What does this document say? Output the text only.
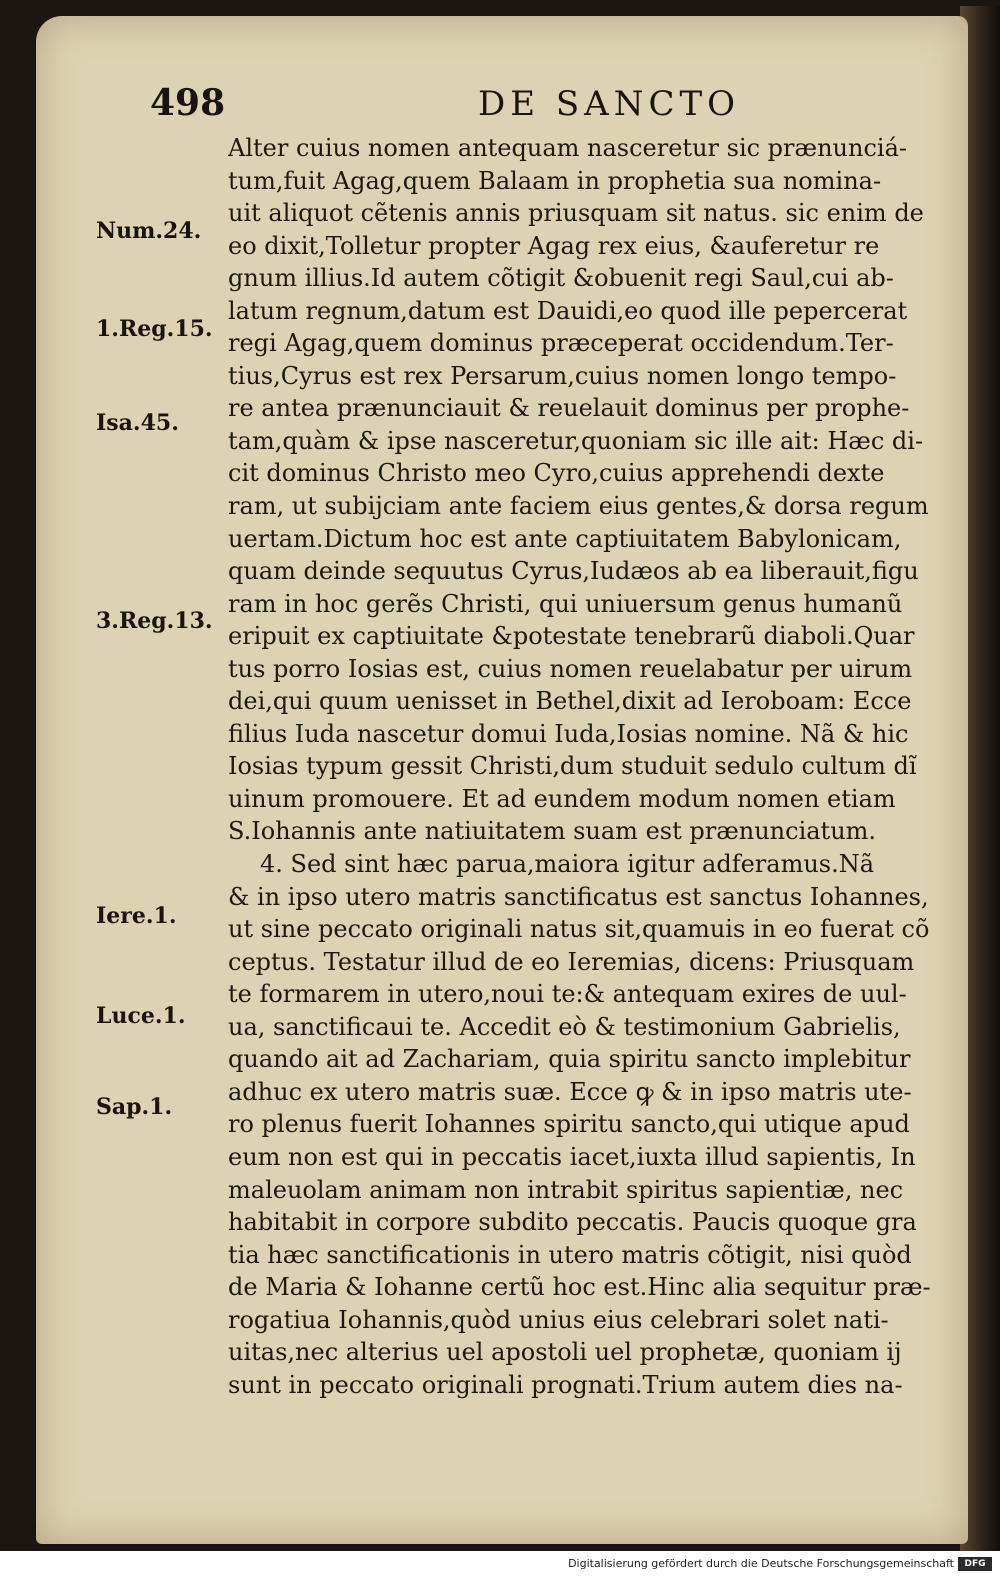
498	DE SANCTO
Num.24.
1.Reg.15.
Isa.45.
3.Reg.13.
Iere.1.
Luce.1.
Sap.1.
Alter cuius nomen antequam nasceretur sic prænunciá-
tum,fuit Agag,quem Balaam in prophetia sua nomina-
uit aliquot cẽtenis annis priusquam sit natus. sic enim de
eo dixit,Tolletur propter Agag rex eius, &auferetur re
gnum illius.Id autem cõtigit &obuenit regi Saul,cui ab-
latum regnum,datum est Dauidi,eo quod ille pepercerat
regi Agag,quem dominus præceperat occidendum.Ter-
tius,Cyrus est rex Persarum,cuius nomen longo tempo-
re antea prænunciauit & reuelauit dominus per prophe-
tam,quàm & ipse nasceretur,quoniam sic ille ait: Hæc di-
cit dominus Christo meo Cyro,cuius apprehendi dexte
ram, ut subijciam ante faciem eius gentes,& dorsa regum
uertam.Dictum hoc est ante captiuitatem Babylonicam,
quam deinde sequutus Cyrus,Iudæos ab ea liberauit,figu
ram in hoc gerẽs Christi, qui uniuersum genus humanũ
eripuit ex captiuitate &potestate tenebrarũ diaboli.Quar
tus porro Iosias est, cuius nomen reuelabatur per uirum
dei,qui quum uenisset in Bethel,dixit ad Ieroboam: Ecce
filius Iuda nascetur domui Iuda,Iosias nomine. Nã & hic
Iosias typum gessit Christi,dum studuit sedulo cultum dĩ
uinum promouere. Et ad eundem modum nomen etiam
S.Iohannis ante natiuitatem suam est prænunciatum.
4. Sed sint hæc parua,maiora igitur adferamus.Nã
& in ipso utero matris sanctificatus est sanctus Iohannes,
ut sine peccato originali natus sit,quamuis in eo fuerat cõ
ceptus. Testatur illud de eo Ieremias, dicens: Priusquam
te formarem in utero,noui te:& antequam exires de uul-
ua, sanctificaui te. Accedit eò & testimonium Gabrielis,
quando ait ad Zachariam, quia spiritu sancto implebitur
adhuc ex utero matris suæ. Ecce ꝙ & in ipso matris ute-
ro plenus fuerit Iohannes spiritu sancto,qui utique apud
eum non est qui in peccatis iacet,iuxta illud sapientis, In
maleuolam animam non intrabit spiritus sapientiæ, nec
habitabit in corpore subdito peccatis. Paucis quoque gra
tia hæc sanctificationis in utero matris cõtigit, nisi quòd
de Maria & Iohanne certũ hoc est.Hinc alia sequitur præ-
rogatiua Iohannis,quòd unius eius celebrari solet nati-
uitas,nec alterius uel apostoli uel prophetæ, quoniam ij
sunt in peccato originali prognati.Trium autem dies na-
Digitalisierung gefördert durch die Deutsche Forschungsgemeinschaft	DFG
